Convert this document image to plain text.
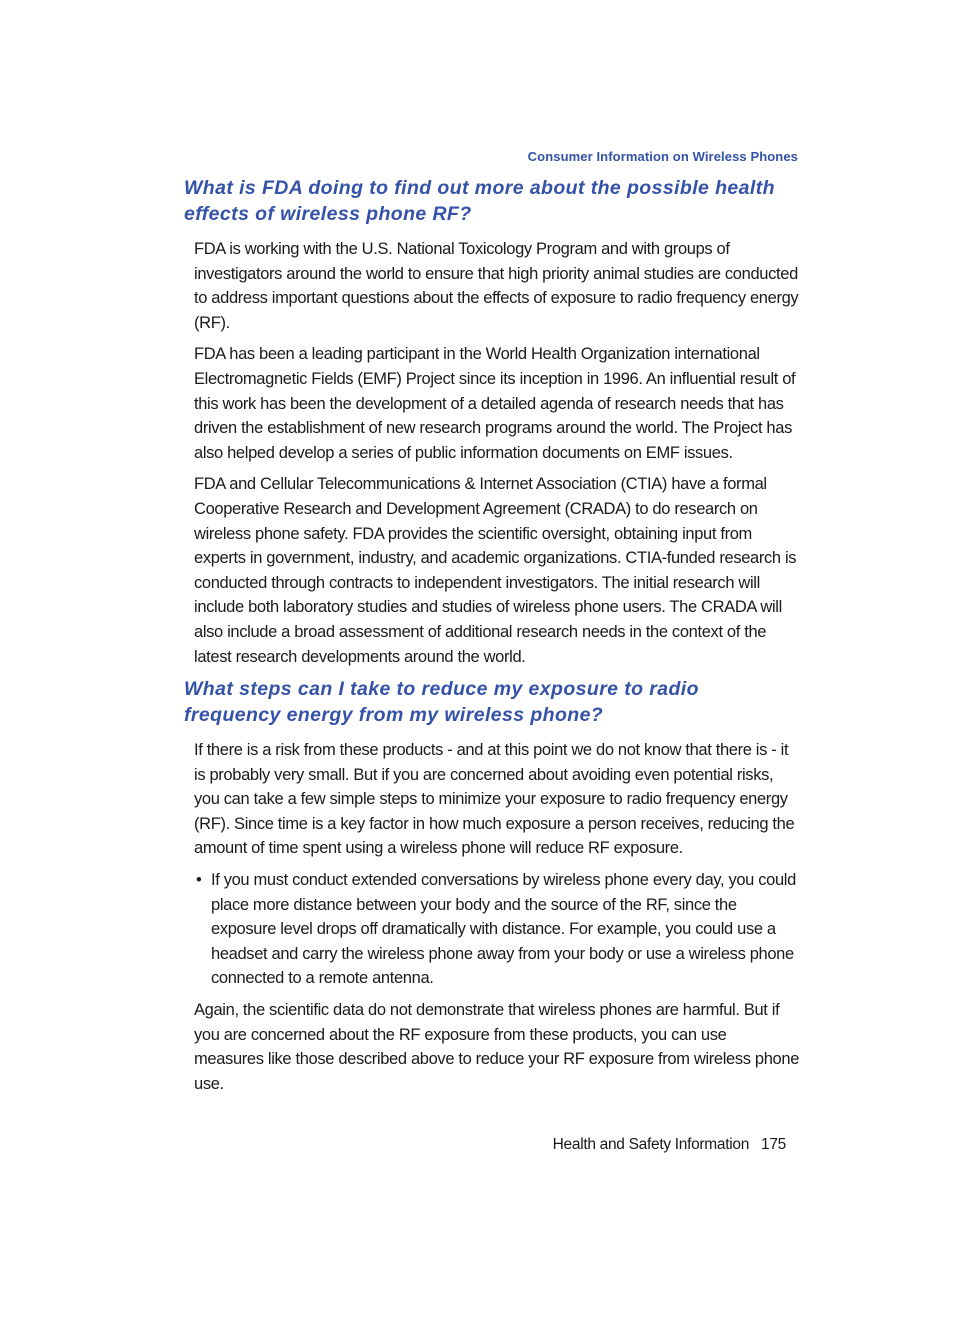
Consumer Information on Wireless Phones
What is FDA doing to find out more about the possible health effects of wireless phone RF?

FDA is working with the U.S. National Toxicology Program and with groups of investigators around the world to ensure that high priority animal studies are conducted to address important questions about the effects of exposure to radio frequency energy (RF).

FDA has been a leading participant in the World Health Organization international Electromagnetic Fields (EMF) Project since its inception in 1996. An influential result of this work has been the development of a detailed agenda of research needs that has driven the establishment of new research programs around the world. The Project has also helped develop a series of public information documents on EMF issues.

FDA and Cellular Telecommunications & Internet Association (CTIA) have a formal Cooperative Research and Development Agreement (CRADA) to do research on wireless phone safety. FDA provides the scientific oversight, obtaining input from experts in government, industry, and academic organizations. CTIA-funded research is conducted through contracts to independent investigators. The initial research will include both laboratory studies and studies of wireless phone users. The CRADA will also include a broad assessment of additional research needs in the context of the latest research developments around the world.

What steps can I take to reduce my exposure to radio frequency energy from my wireless phone?

If there is a risk from these products - and at this point we do not know that there is - it is probably very small. But if you are concerned about avoiding even potential risks, you can take a few simple steps to minimize your exposure to radio frequency energy (RF). Since time is a key factor in how much exposure a person receives, reducing the amount of time spent using a wireless phone will reduce RF exposure.

• If you must conduct extended conversations by wireless phone every day, you could place more distance between your body and the source of the RF, since the exposure level drops off dramatically with distance. For example, you could use a headset and carry the wireless phone away from your body or use a wireless phone connected to a remote antenna.

Again, the scientific data do not demonstrate that wireless phones are harmful. But if you are concerned about the RF exposure from these products, you can use measures like those described above to reduce your RF exposure from wireless phone use.

Health and Safety Information 175
